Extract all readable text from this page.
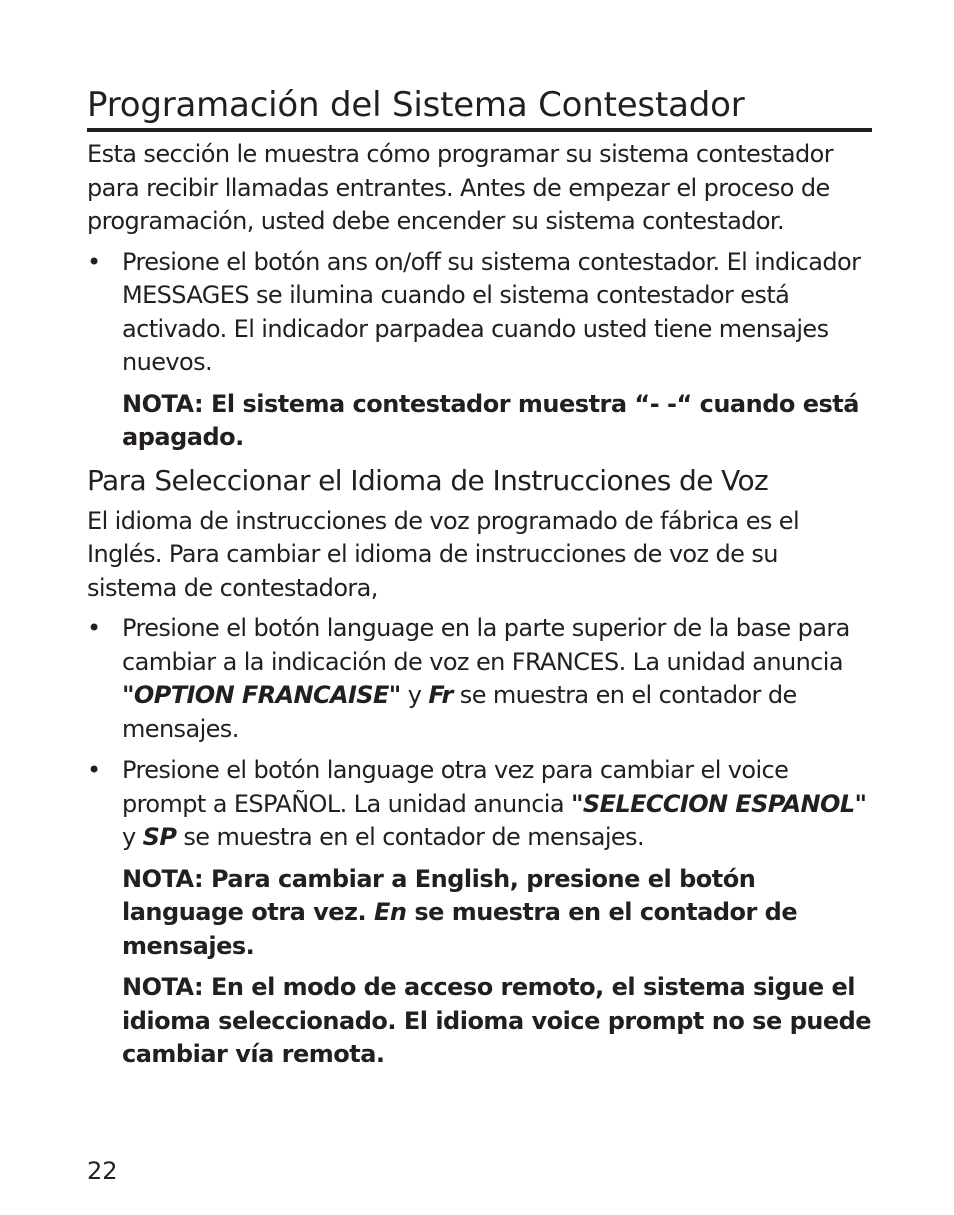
Programación del Sistema Contestador

Esta sección le muestra cómo programar su sistema contestador para recibir llamadas entrantes. Antes de empezar el proceso de programación, usted debe encender su sistema contestador.

• Presione el botón ans on/off su sistema contestador. El indicador MESSAGES se ilumina cuando el sistema contestador está activado. El indicador parpadea cuando usted tiene mensajes nuevos.

NOTA: El sistema contestador muestra “- -“ cuando está apagado.

Para Seleccionar el Idioma de Instrucciones de Voz

El idioma de instrucciones de voz programado de fábrica es el Inglés. Para cambiar el idioma de instrucciones de voz de su sistema de contestadora,

• Presione el botón language en la parte superior de la base para cambiar a la indicación de voz en FRANCES. La unidad anuncia "OPTION FRANCAISE" y Fr se muestra en el contador de mensajes.
• Presione el botón language otra vez para cambiar el voice prompt a ESPAÑOL. La unidad anuncia "SELECCION ESPANOL" y SP se muestra en el contador de mensajes.

NOTA: Para cambiar a English, presione el botón language otra vez. En se muestra en el contador de mensajes.

NOTA: En el modo de acceso remoto, el sistema sigue el idioma seleccionado. El idioma voice prompt no se puede cambiar vía remota.

22
